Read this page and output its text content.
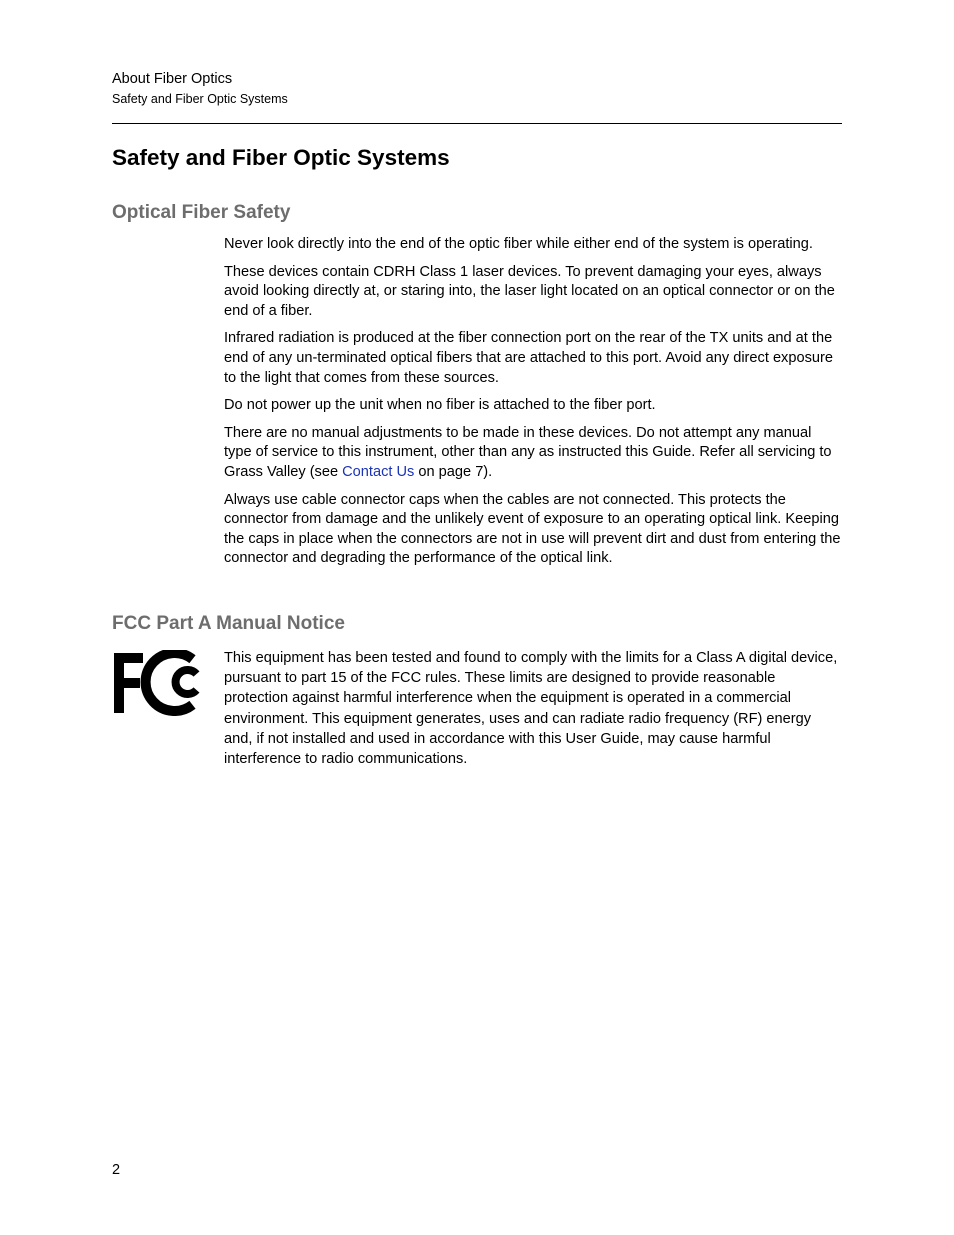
About Fiber Optics
Safety and Fiber Optic Systems
Safety and Fiber Optic Systems
Optical Fiber Safety

Never look directly into the end of the optic fiber while either end of the system is operating.

These devices contain CDRH Class 1 laser devices. To prevent damaging your eyes, always avoid looking directly at, or staring into, the laser light located on an optical connector or on the end of a fiber.

Infrared radiation is produced at the fiber connection port on the rear of the TX units and at the end of any un-terminated optical fibers that are attached to this port. Avoid any direct exposure to the light that comes from these sources.

Do not power up the unit when no fiber is attached to the fiber port.

There are no manual adjustments to be made in these devices. Do not attempt any manual type of service to this instrument, other than any as instructed this Guide. Refer all servicing to Grass Valley (see Contact Us on page 7).

Always use cable connector caps when the cables are not connected. This protects the connector from damage and the unlikely event of exposure to an operating optical link. Keeping the caps in place when the connectors are not in use will prevent dirt and dust from entering the connector and degrading the performance of the optical link.

FCC Part A Manual Notice

This equipment has been tested and found to comply with the limits for a Class A digital device, pursuant to part 15 of the FCC rules. These limits are designed to provide reasonable protection against harmful interference when the equipment is operated in a commercial environment. This equipment generates, uses and can radiate radio frequency (RF) energy and, if not installed and used in accordance with this User Guide, may cause harmful interference to radio communications.

2
